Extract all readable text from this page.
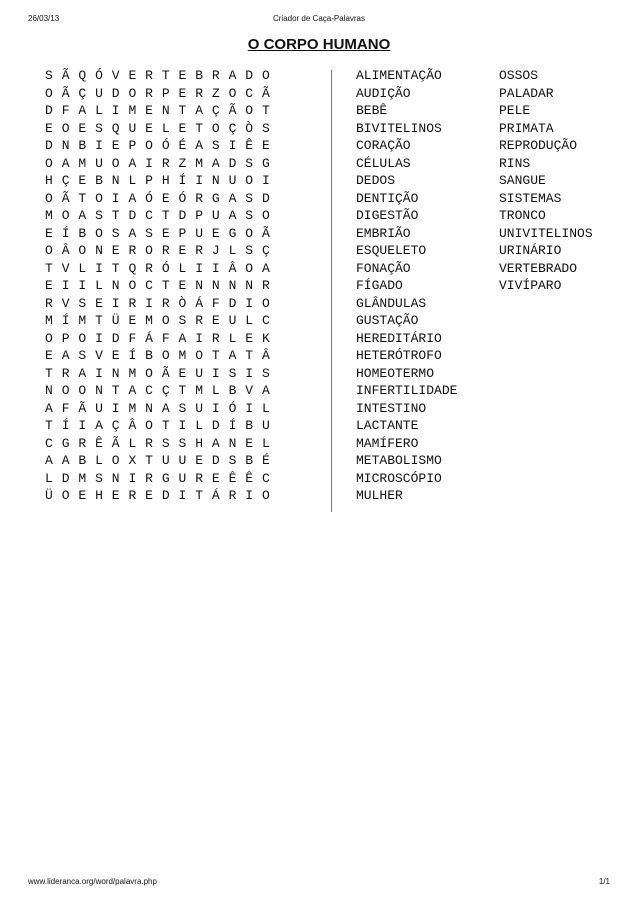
26/03/13	Criador de Caça-Palavras
O CORPO HUMANO
S Ã Q Ó V E R T E B R A D O
O Ã Ç U D O R P E R Z O C Ã
D F A L I M E N T A Ç Ã O T
E O E S Q U E L E T O Ç Ò S
D N B I E P O Ó É A S I Ê E
O A M U O A I R Z M A D S G
H Ç E B N L P H Í I N U O I
O Ã T O I A Ó E Ó R G A S D
M O A S T D C T D P U A S O
E Í B O S A S E P U E G O Ã
O Â O N E R O R E R J L S Ç
T V L I T Q R Ó L I I Â O A
E I I L N O C T E N N N N R
R V S E I R I R Ò Á F D I O
M Í M T Ü E M O S R E U L C
O P O I D F Á F A I R L E K
E A S V E Í B O M O T A T Â
T R A I N M O Ã E U I S I S
N O O N T A C Ç T M L B V A
A F Ã U I M N A S U I Ó I L
T Í I A Ç Â O T I L D Í B U
C G R Ê Ã L R S S H A N E L
A A B L O X T U U E D S B É
L D M S N I R G U R E Ê Ê C
Ü O E H E R E D I T Á R I O
ALIMENTAÇÃO
AUDIÇÃO
BEBÊ
BIVITELINOS
CORAÇÃO
CÉLULAS
DEDOS
DENTIÇÃO
DIGESTÃO
EMBRIÃO
ESQUELETO
FONAÇÃO
FÍGADO
GLÂNDULAS
GUSTAÇÃO
HEREDITÁRIO
HETERÓTROFO
HOMEOTERMO
INFERTILIDADE
INTESTINO
LACTANTE
MAMÍFERO
METABOLISMO
MICROSCÓPIO
MULHER
OSSOS
PALADAR
PELE
PRIMATA
REPRODUÇÃO
RINS
SANGUE
SISTEMAS
TRONCO
UNIVITELINOS
URINÁRIO
VERTEBRADO
VIVÍPARO
www.lideranca.org/word/palavra.php	1/1
